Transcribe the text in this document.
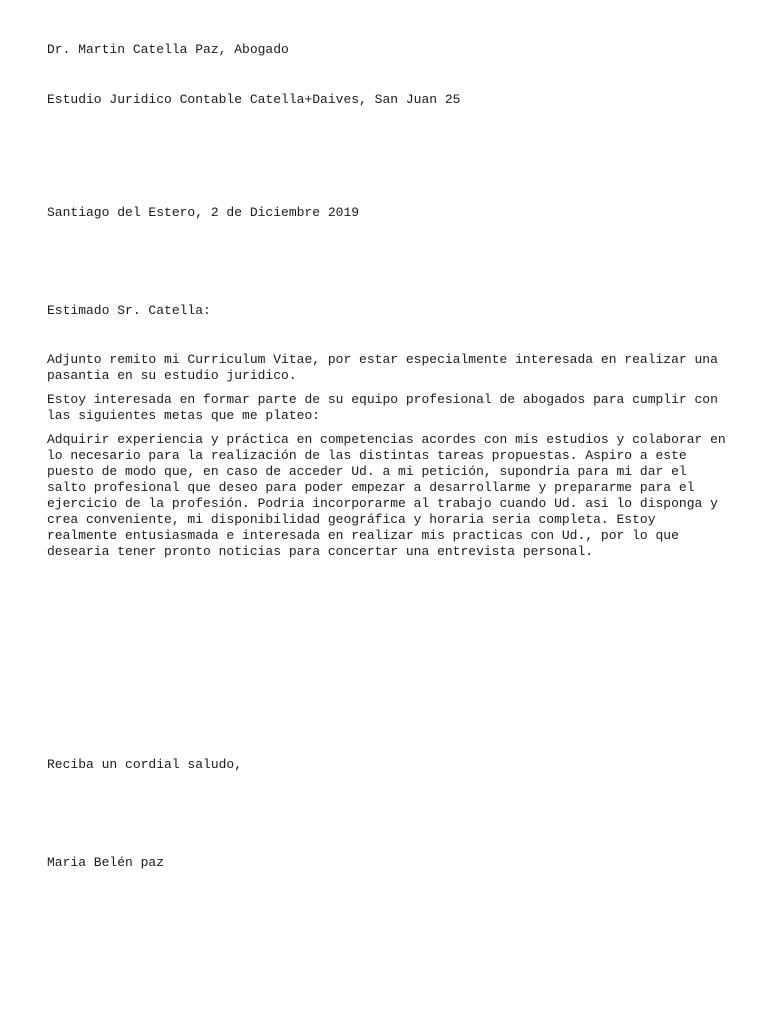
Dr. Martin Catella Paz, Abogado

Estudio Juridico Contable Catella+Daives, San Juan 25

Santiago del Estero, 2 de Diciembre 2019

Estimado Sr. Catella:

Adjunto remito mi Curriculum Vitae, por estar especialmente interesada en realizar una
pasantia en su estudio juridico.
Estoy interesada en formar parte de su equipo profesional de abogados para cumplir con
las siguientes metas que me plateo:
Adquirir experiencia y práctica en competencias acordes con mis estudios y colaborar en
lo necesario para la realización de las distintas tareas propuestas. Aspiro a este
puesto de modo que, en caso de acceder Ud. a mi petición, supondria para mi dar el
salto profesional que deseo para poder empezar a desarrollarme y prepararme para el
ejercicio de la profesión. Podria incorporarme al trabajo cuando Ud. asi lo disponga y
crea conveniente, mi disponibilidad geográfica y horaria seria completa. Estoy
realmente entusiasmada e interesada en realizar mis practicas con Ud., por lo que
desearia tener pronto noticias para concertar una entrevista personal.

Reciba un cordial saludo,

Maria Belén paz
